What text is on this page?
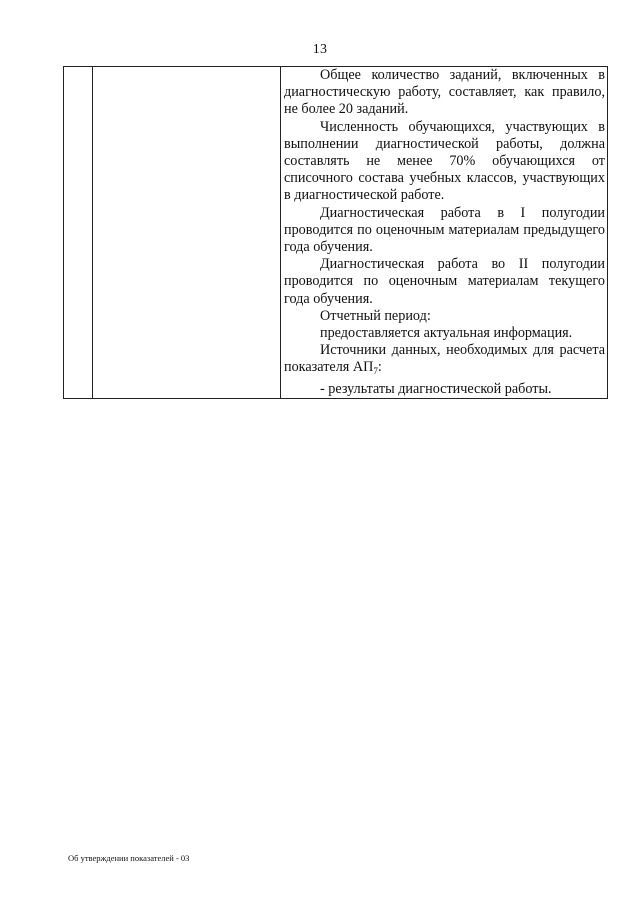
13

Общее количество заданий, включенных в диагностическую работу, составляет, как правило, не более 20 заданий.

Численность обучающихся, участвующих в выполнении диагностической работы, должна составлять не менее 70% обучающихся от списочного состава учебных классов, участвующих в диагностической работе.

Диагностическая работа в I полугодии проводится по оценочным материалам предыдущего года обучения.

Диагностическая работа во II полугодии проводится по оценочным материалам текущего года обучения.

Отчетный период:

предоставляется актуальная информация.

Источники данных, необходимых для расчета показателя $АП_7$:

- результаты диагностической работы.

Об утверждении показателей - 03
